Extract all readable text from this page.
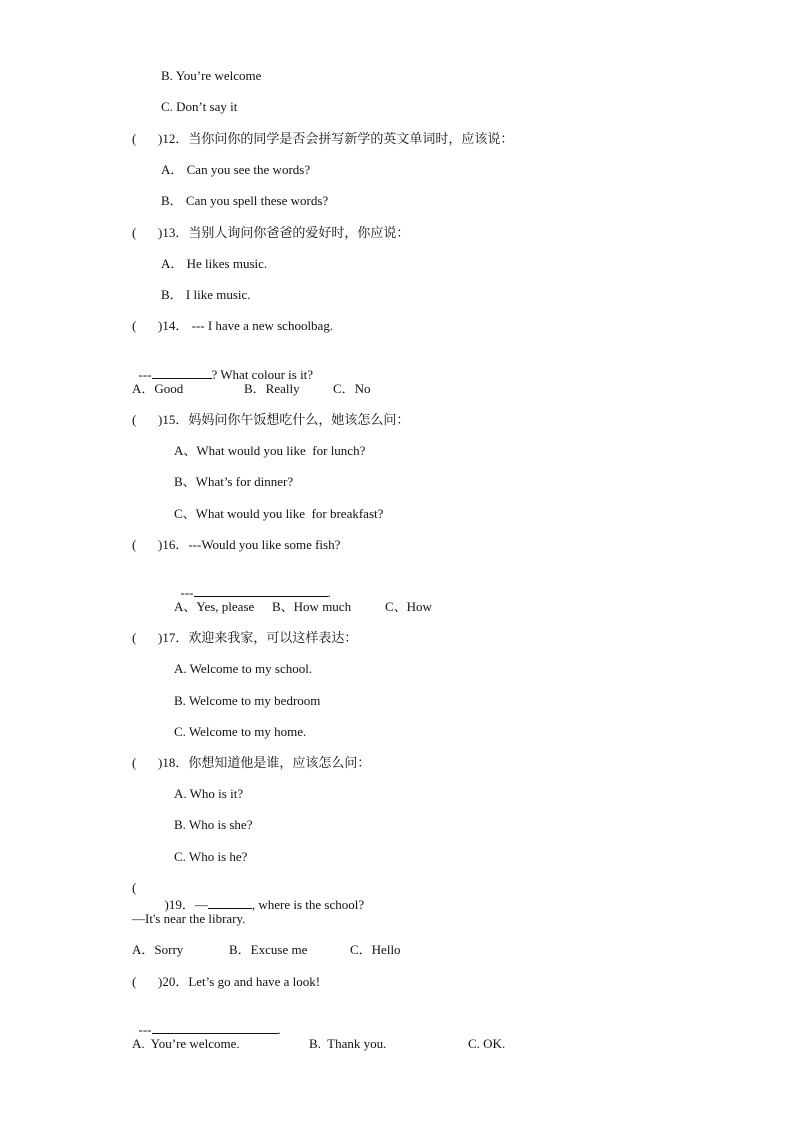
B. You’re welcome
C. Don’t say it
( )12．当你问你的同学是否会拼写新学的英文单词时，应该说：
A． Can you see the words?
B． Can you spell these words?
( )13．当别人询问你爸爸的爱好时，你应说：
A． He likes music.
B． I like music.
( )14． --- I have a new schoolbag.

---	? What colour is it?

A．Good	B．Really	C．No
( )15．妈妈问你午饭想吃什么，她该怎么问：
A、What would you like  for lunch?
B、What’s for dinner?
C、What would you like  for breakfast?
( )16．---Would you like some fish?

---	.

A、Yes, please B、How much	C、How
( )17．欢迎来我家，可以这样表达：
A. Welcome to my school.
B. Welcome to my bedroom
C. Welcome to my home.
( )18．你想知道他是谁，应该怎么问：
A. Who is it?
B. Who is she?
C. Who is he?
(

)19．—	, where is the school?

—It's near the library.
A．Sorry	B．Excuse me	C．Hello
( )20．Let’s go and have a look!

---	.

A.  You’re welcome.	B.  Thank you.	C. OK.
